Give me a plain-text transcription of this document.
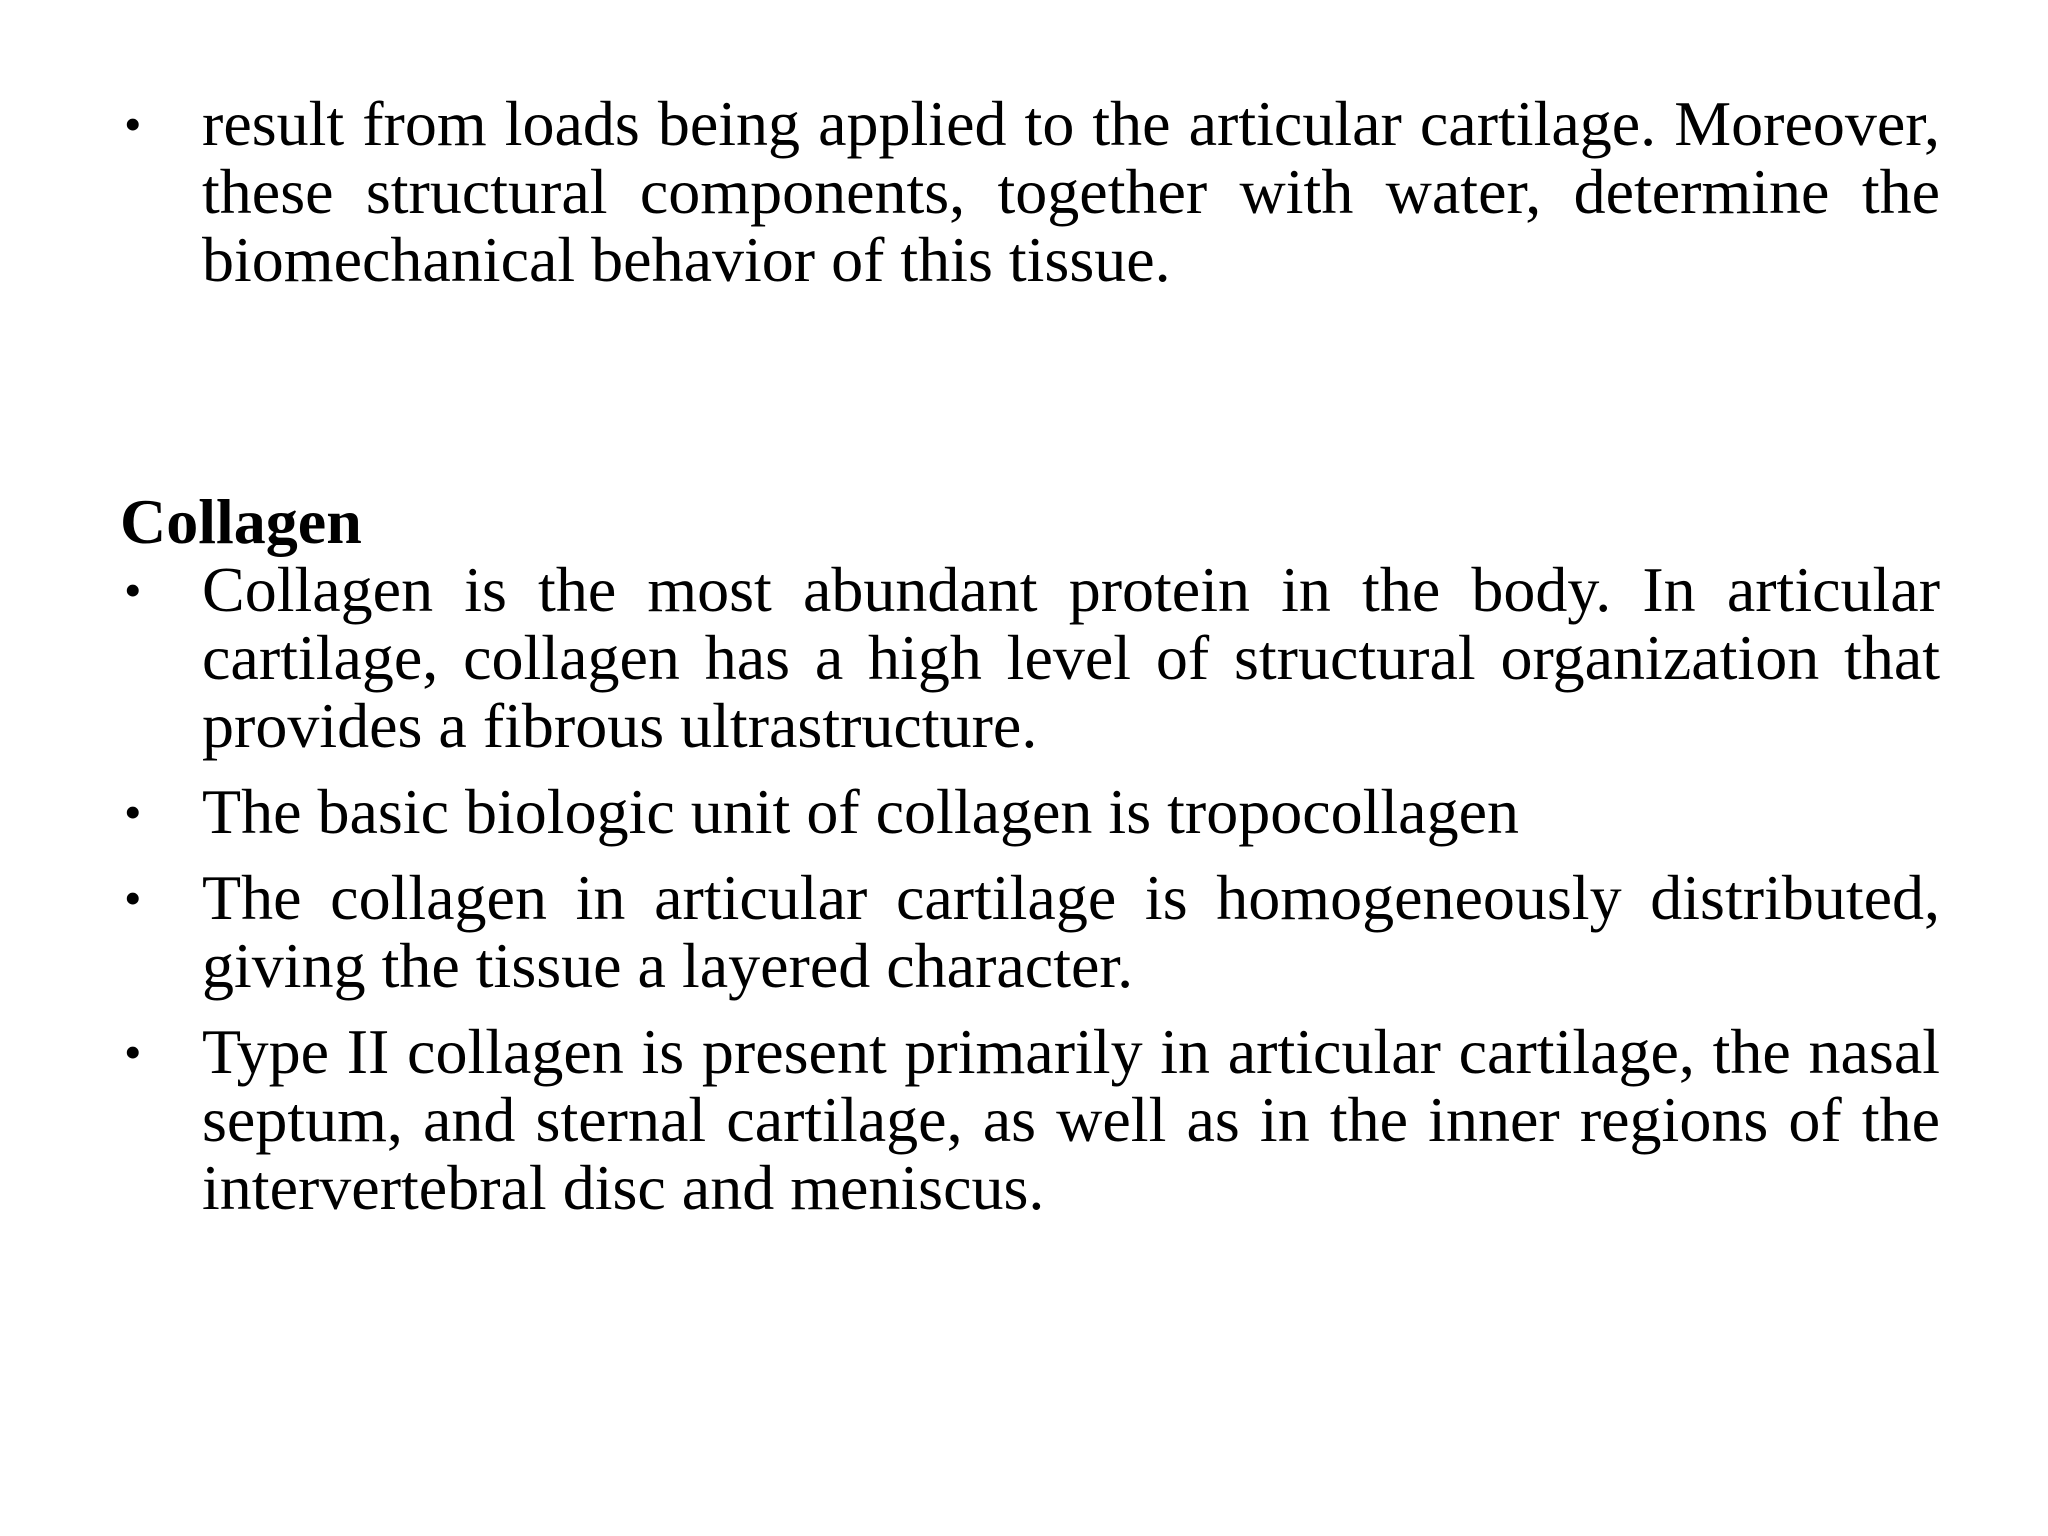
• result from loads being applied to the articular cartilage. Moreover, these structural components, together with water, determine the biomechanical behavior of this tissue.
Collagen
• Collagen is the most abundant protein in the body. In articular cartilage, collagen has a high level of structural organization that provides a fibrous ultrastructure.
• The basic biologic unit of collagen is tropocollagen
• The collagen in articular cartilage is homogeneously distributed, giving the tissue a layered character.
• Type II collagen is present primarily in articular cartilage, the nasal septum, and sternal cartilage, as well as in the inner regions of the intervertebral disc and meniscus.
